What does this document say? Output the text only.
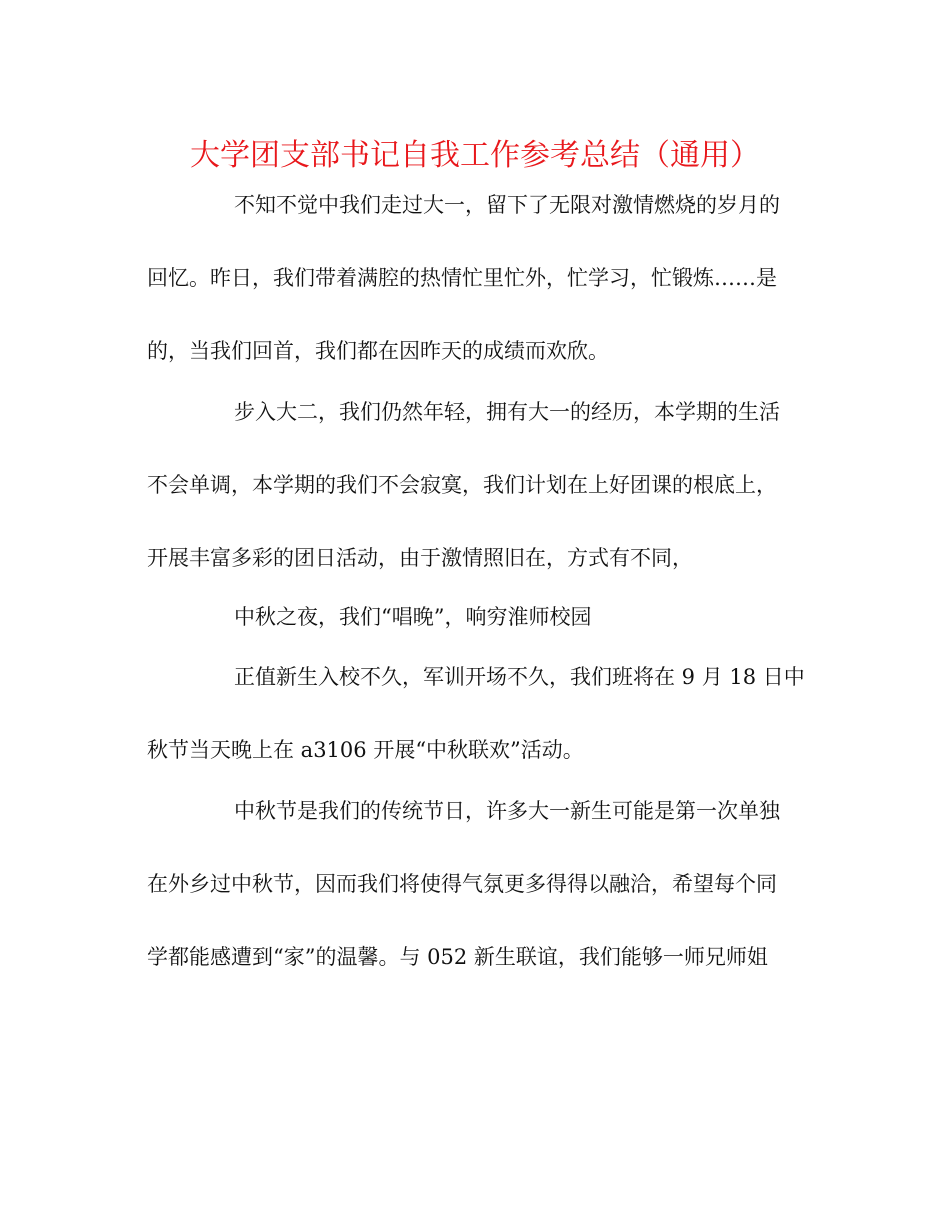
大学团支部书记自我工作参考总结（通用）

不知不觉中我们走过大一，留下了无限对激情燃烧的岁月的

回忆。昨日，我们带着满腔的热情忙里忙外，忙学习，忙锻炼……是

的，当我们回首，我们都在因昨天的成绩而欢欣。

步入大二，我们仍然年轻，拥有大一的经历，本学期的生活

不会单调，本学期的我们不会寂寞，我们计划在上好团课的根底上，

开展丰富多彩的团日活动，由于激情照旧在，方式有不同，

中秋之夜，我们“唱晚”，响穷淮师校园

正值新生入校不久，军训开场不久，我们班将在 9 月 18 日中

秋节当天晚上在 a3106 开展“中秋联欢”活动。

中秋节是我们的传统节日，许多大一新生可能是第一次单独

在外乡过中秋节，因而我们将使得气氛更多得得以融洽，希望每个同

学都能感遭到“家”的温馨。与 052 新生联谊，我们能够一师兄师姐
